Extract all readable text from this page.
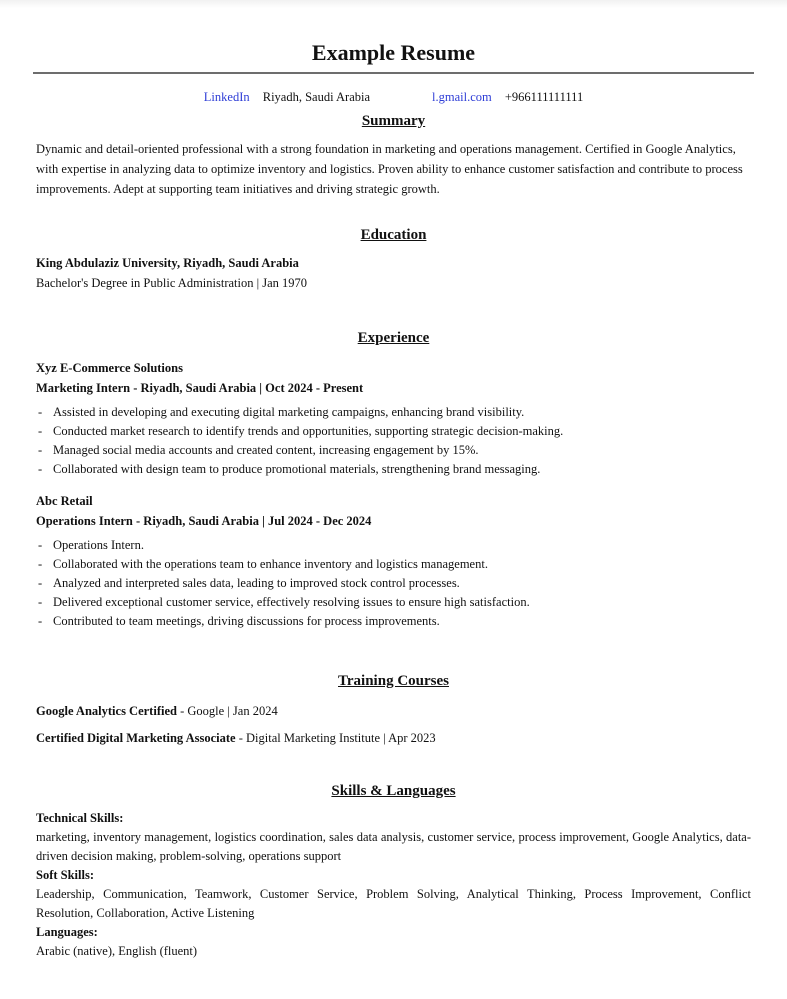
Example Resume
LinkedIn Riyadh, Saudi Arabia	l.gmail.com +966111111111
Summary

Dynamic and detail-oriented professional with a strong foundation in marketing and operations management. Certified in Google Analytics, with expertise in analyzing data to optimize inventory and logistics. Proven ability to enhance customer satisfaction and contribute to process improvements. Adept at supporting team initiatives and driving strategic growth.

Education

King Abdulaziz University, Riyadh, Saudi Arabia

Bachelor's Degree in Public Administration | Jan 1970

Experience

Xyz E-Commerce Solutions

Marketing Intern - Riyadh, Saudi Arabia | Oct 2024 - Present

- Assisted in developing and executing digital marketing campaigns, enhancing brand visibility.
- Conducted market research to identify trends and opportunities, supporting strategic decision-making.
- Managed social media accounts and created content, increasing engagement by 15%.
- Collaborated with design team to produce promotional materials, strengthening brand messaging.

Abc Retail

Operations Intern - Riyadh, Saudi Arabia | Jul 2024 - Dec 2024

- Operations Intern.
- Collaborated with the operations team to enhance inventory and logistics management.
- Analyzed and interpreted sales data, leading to improved stock control processes.
- Delivered exceptional customer service, effectively resolving issues to ensure high satisfaction.
- Contributed to team meetings, driving discussions for process improvements.
Training Courses

Google Analytics Certified - Google | Jan 2024

Certified Digital Marketing Associate - Digital Marketing Institute | Apr 2023

Skills & Languages

Technical Skills:

marketing, inventory management, logistics coordination, sales data analysis, customer service, process improvement, Google Analytics, data-driven decision making, problem-solving, operations support

Soft Skills:

Leadership, Communication, Teamwork, Customer Service, Problem Solving, Analytical Thinking, Process Improvement, Conflict Resolution, Collaboration, Active Listening

Languages:

Arabic (native), English (fluent)
